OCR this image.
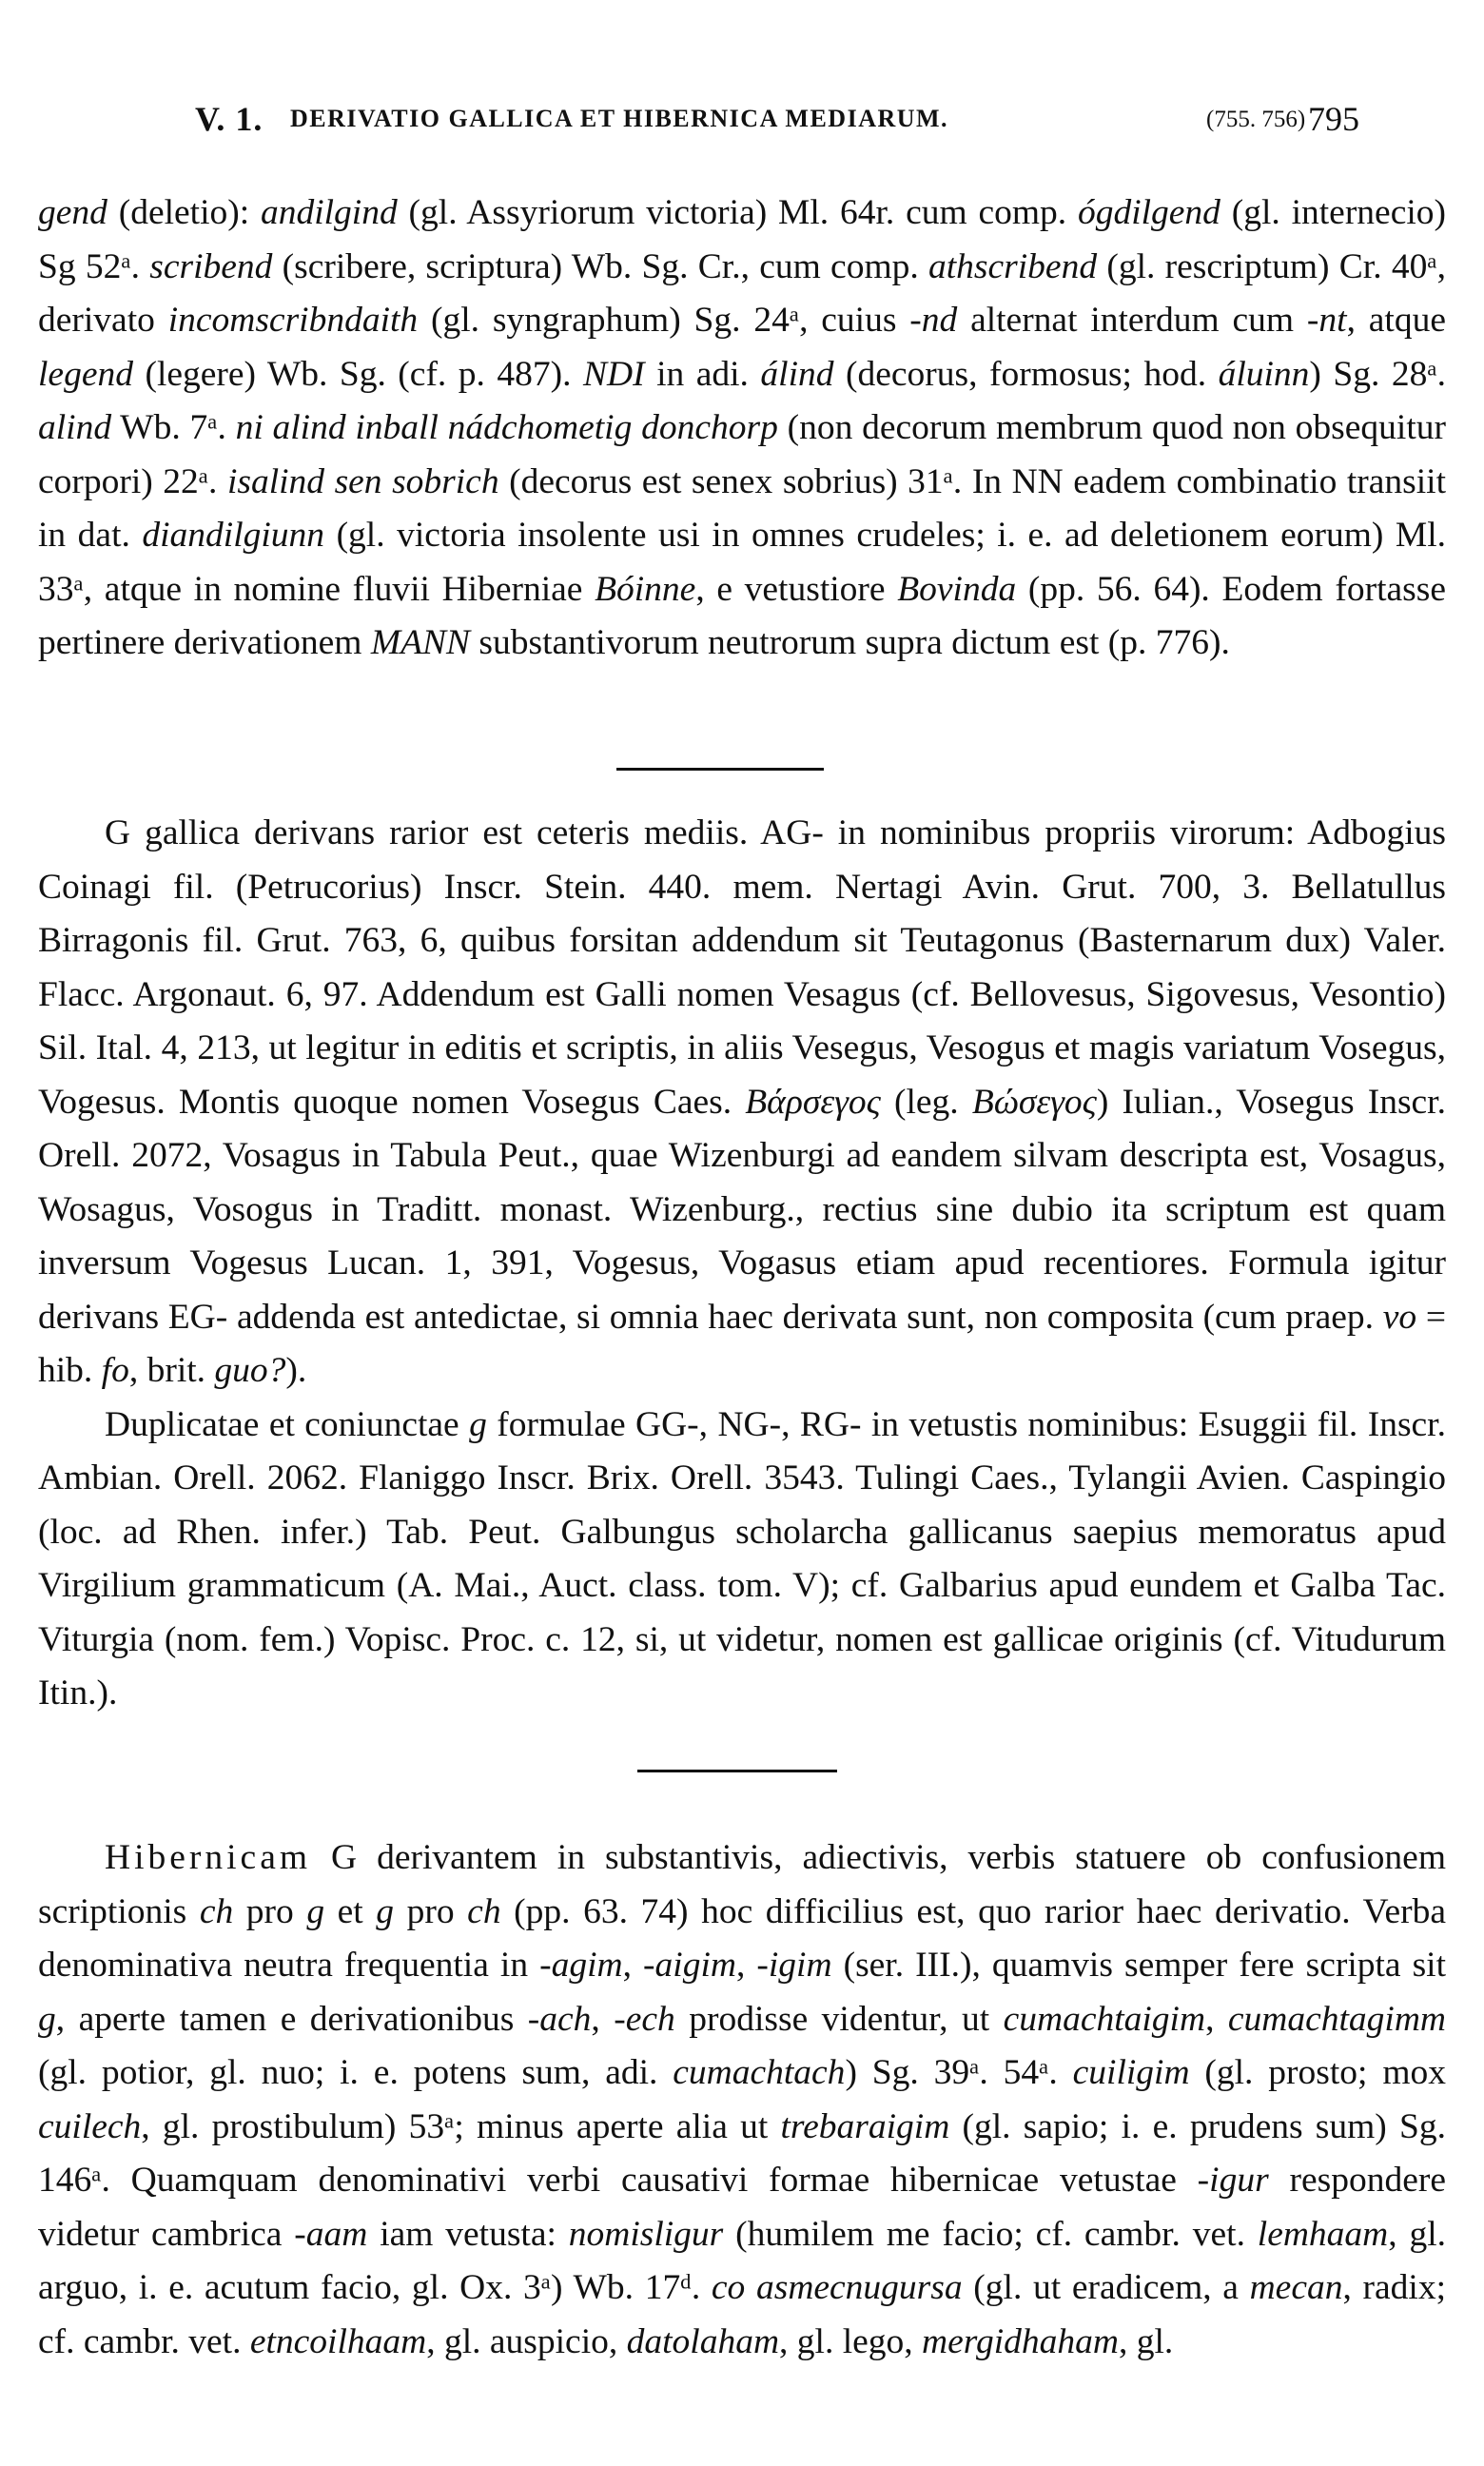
V. 1. DERIVATIO GALLICA ET HIBERNICA MEDIARUM.	(755. 756) 795

gend (deletio): andilgind (gl. Assyriorum victoria) Ml. 64r. cum comp. ógdilgend (gl. internecio) Sg 52ᵃ. scribend (scribere, scriptura) Wb. Sg. Cr., cum comp. athscribend (gl. rescriptum) Cr. 40ᵃ, derivato incomscribndaith (gl. syngraphum) Sg. 24ᵃ, cuius -nd alternat interdum cum -nt, atque legend (legere) Wb. Sg. (cf. p. 487). NDI in adi. álind (decorus, formosus; hod. áluinn) Sg. 28ᵃ. alind Wb. 7ᵃ. ni alind inball nádchometig donchorp (non decorum membrum quod non obsequitur corpori) 22ᵃ. isalind sen sobrich (decorus est senex sobrius) 31ᵃ. In NN eadem combinatio transiit in dat. diandilgiunn (gl. victoria insolente usi in omnes crudeles; i. e. ad deletionem eorum) Ml. 33ᵃ, atque in nomine fluvii Hiberniae Bóinne, e vetustiore Bovinda (pp. 56. 64). Eodem fortasse pertinere derivationem MANN substantivorum neutrorum supra dictum est (p. 776).

G gallica derivans rarior est ceteris mediis. AG- in nominibus propriis virorum: Adbogius Coinagi fil. (Petrucorius) Inscr. Stein. 440. mem. Nertagi Avin. Grut. 700, 3. Bellatullus Birragonis fil. Grut. 763, 6, quibus forsitan addendum sit Teutagonus (Basternarum dux) Valer. Flacc. Argonaut. 6, 97. Addendum est Galli nomen Vesagus (cf. Bellovesus, Sigovesus, Vesontio) Sil. Ital. 4, 213, ut legitur in editis et scriptis, in aliis Vesegus, Vesogus et magis variatum Vosegus, Vogesus. Montis quoque nomen Vosegus Caes. Βάρσεγος (leg. Βώσεγος) Iulian., Vosegus Inscr. Orell. 2072, Vosagus in Tabula Peut., quae Wizenburgi ad eandem silvam descripta est, Vosagus, Wosagus, Vosogus in Traditt. monast. Wizenburg., rectius sine dubio ita scriptum est quam inversum Vogesus Lucan. 1, 391, Vogesus, Vogasus etiam apud recentiores. Formula igitur derivans EG- addenda est antedictae, si omnia haec derivata sunt, non composita (cum praep. vo = hib. fo, brit. guo?).

Duplicatae et coniunctae g formulae GG-, NG-, RG- in vetustis nominibus: Esuggii fil. Inscr. Ambian. Orell. 2062. Flaniggo Inscr. Brix. Orell. 3543. Tulingi Caes., Tylangii Avien. Caspingio (loc. ad Rhen. infer.) Tab. Peut. Galbungus scholarcha gallicanus saepius memoratus apud Virgilium grammaticum (A. Mai., Auct. class. tom. V); cf. Galbarius apud eundem et Galba Tac. Viturgia (nom. fem.) Vopisc. Proc. c. 12, si, ut videtur, nomen est gallicae originis (cf. Vitudurum Itin.).

Hibernicam G derivantem in substantivis, adiectivis, verbis statuere ob confusionem scriptionis ch pro g et g pro ch (pp. 63. 74) hoc difficilius est, quo rarior haec derivatio. Verba denominativa neutra frequentia in -agim, -aigim, -igim (ser. III.), quamvis semper fere scripta sit g, aperte tamen e derivationibus -ach, -ech prodisse videntur, ut cumachtaigim, cumachtagimm (gl. potior, gl. nuo; i. e. potens sum, adi. cumachtach) Sg. 39ᵃ. 54ᵃ. cuiligim (gl. prosto; mox cuilech, gl. prostibulum) 53ᵃ; minus aperte alia ut trebaraigim (gl. sapio; i. e. prudens sum) Sg. 146ᵃ. Quamquam denominativi verbi causativi formae hibernicae vetustae -igur respondere videtur cambrica -aam iam vetusta: nomisligur (humilem me facio; cf. cambr. vet. lemhaam, gl. arguo, i. e. acutum facio, gl. Ox. 3ᵃ) Wb. 17ᵈ. co asmecnugursa (gl. ut eradicem, a mecan, radix; cf. cambr. vet. etncoilhaam, gl. auspicio, datolaham, gl. lego, mergidhaham, gl.
